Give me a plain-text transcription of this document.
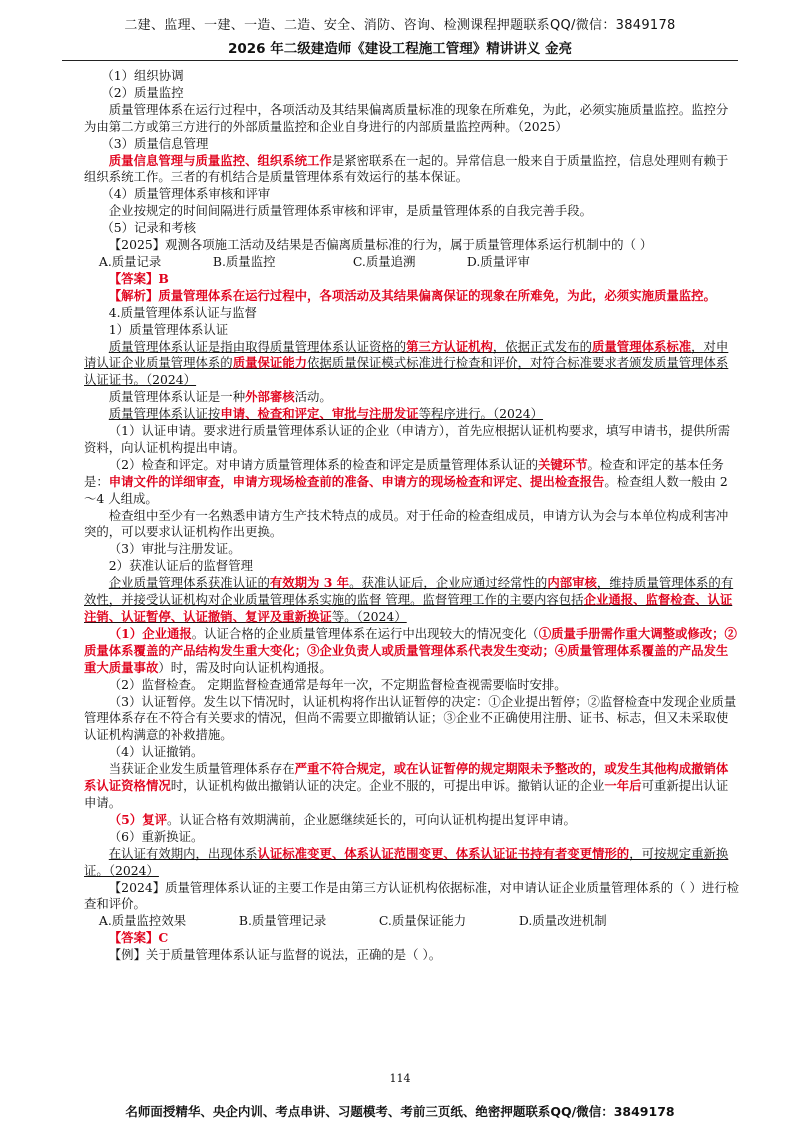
二建、监理、一建、一造、二造、安全、消防、咨询、检测课程押题联系QQ/微信：3849178
2026 年二级建造师《建设工程施工管理》精讲讲义 金亮

（1）组织协调

（2）质量监控

质量管理体系在运行过程中，各项活动及其结果偏离质量标准的现象在所难免，为此，必须实施质量监控。监控分为由第二方或第三方进行的外部质量监控和企业自身进行的内部质量监控两种。（2025）

（3）质量信息管理

质量信息管理与质量监控、组织系统工作是紧密联系在一起的。异常信息一般来自于质量监控，信息处理则有赖于组织系统工作。三者的有机结合是质量管理体系有效运行的基本保证。

（4）质量管理体系审核和评审

企业按规定的时间间隔进行质量管理体系审核和评审，是质量管理体系的自我完善手段。

（5）记录和考核

【2025】观测各项施工活动及结果是否偏离质量标准的行为，属于质量管理体系运行机制中的（ ）

A.质量记录	B.质量监控	C.质量追溯	D.质量评审

【答案】B

【解析】质量管理体系在运行过程中，各项活动及其结果偏离保证的现象在所难免，为此，必须实施质量监控。

4.质量管理体系认证与监督

1）质量管理体系认证

质量管理体系认证是指由取得质量管理体系认证资格的第三方认证机构，依据正式发布的质量管理体系标准，对申请认证企业质量管理体系的质量保证能力依据质量保证模式标准进行检查和评价，对符合标准要求者颁发质量管理体系认证证书。（2024）

质量管理体系认证是一种外部審核活动。

质量管理体系认证按申请、检查和评定、审批与注册发证等程序进行。（2024）

（1）认证申请。要求进行质量管理体系认证的企业（申请方），首先应根据认证机构要求，填写申请书，提供所需资料，向认证机构提出申请。

（2）检查和评定。对申请方质量管理体系的检查和评定是质量管理体系认证的关键环节。检查和评定的基本任务是：申请文件的详细审查，申请方现场检查前的准备、申请方的现场检查和评定、提出检查报告。检查组人数一般由 2～4 人组成。

检查组中至少有一名熟悉申请方生产技术特点的成员。对于任命的检查组成员，申请方认为会与本单位构成利害冲突的，可以要求认证机构作出更换。

（3）审批与注册发证。

2）获准认证后的监督管理

企业质量管理体系获准认证的有效期为 3 年。获准认证后，企业应通过经常性的内部审核，维持质量管理体系的有效性，并接受认证机构对企业质量管理体系实施的监督 管理。监督管理工作的主要内容包括企业通报、监督检查、认证注销、认证暂停、认证撤销、复评及重新换证等。（2024）

（1）企业通报。认证合格的企业质量管理体系在运行中出现较大的情况变化（①质量手册需作重大调整或修改；②质量体系覆盖的产品结构发生重大变化；③企业负责人或质量管理体系代表发生变动；④质量管理体系覆盖的产品发生重大质量事故）时，需及时向认证机构通报。

（2）监督检查。 定期监督检查通常是每年一次，不定期监督检查视需要临时安排。

（3）认证暂停。发生以下情况时，认证机构将作出认证暂停的决定：①企业提出暂停；②监督检查中发现企业质量管理体系存在不符合有关要求的情况，但尚不需要立即撤销认证；③企业不正确使用注册、证书、标志，但又未采取使认证机构满意的补救措施。

（4）认证撤销。

当获证企业发生质量管理体系存在严重不符合规定，或在认证暂停的规定期限未予整改的，或发生其他构成撤销体系认证资格情况时，认证机构做出撤销认证的决定。企业不服的，可提出申诉。撤销认证的企业一年后可重新提出认证申请。

（5）复评。认证合格有效期满前，企业愿继续延长的，可向认证机构提出复评申请。

（6）重新换证。

在认证有效期内，出现体系认证标准变更、体系认证范围变更、体系认证证书持有者变更情形的，可按规定重新换证。（2024）

【2024】质量管理体系认证的主要工作是由第三方认证机构依据标准，对申请认证企业质量管理体系的（ ）进行检查和评价。

A.质量监控效果	B.质量管理记录	C.质量保证能力	D.质量改进机制

【答案】C

【例】关于质量管理体系认证与监督的说法，正确的是（ ）。

114
名师面授精华、央企内训、考点串讲、习题模考、考前三页纸、绝密押题联系QQ/微信：3849178
